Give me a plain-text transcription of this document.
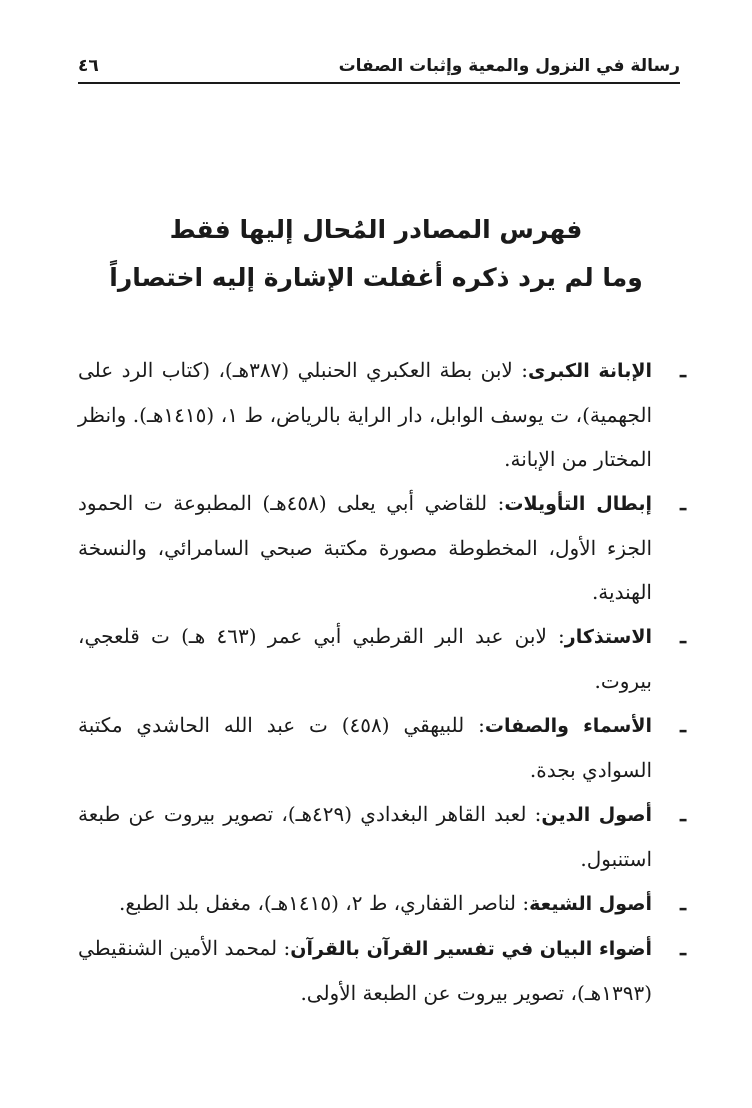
رسالة في النزول والمعية وإثبات الصفات
٤٦
فهرس المصادر المُحال إليها فقط
وما لم يرد ذكره أغفلت الإشارة إليه اختصاراً
ـ
الإبانة الكبرى: لابن بطة العكبري الحنبلي (٣٨٧هـ)، (كتاب الرد على الجهمية)، ت يوسف الوابل، دار الراية بالرياض، ط ١، (١٤١٥هـ). وانظر المختار من الإبانة.
ـ
إبطال التأويلات: للقاضي أبي يعلى (٤٥٨هـ) المطبوعة ت الحمود الجزء الأول، المخطوطة مصورة مكتبة صبحي السامرائي، والنسخة الهندية.
ـ
الاستذكار: لابن عبد البر القرطبي أبي عمر (٤٦٣ هـ) ت قلعجي، بيروت.
ـ
الأسماء والصفات: للبيهقي (٤٥٨) ت عبد الله الحاشدي مكتبة السوادي بجدة.
ـ
أصول الدين: لعبد القاهر البغدادي (٤٢٩هـ)، تصوير بيروت عن طبعة استنبول.
ـ
أصول الشيعة: لناصر القفاري، ط ٢، (١٤١٥هـ)، مغفل بلد الطبع.
ـ
أضواء البيان في تفسير القرآن بالقرآن: لمحمد الأمين الشنقيطي (١٣٩٣هـ)، تصوير بيروت عن الطبعة الأولى.
